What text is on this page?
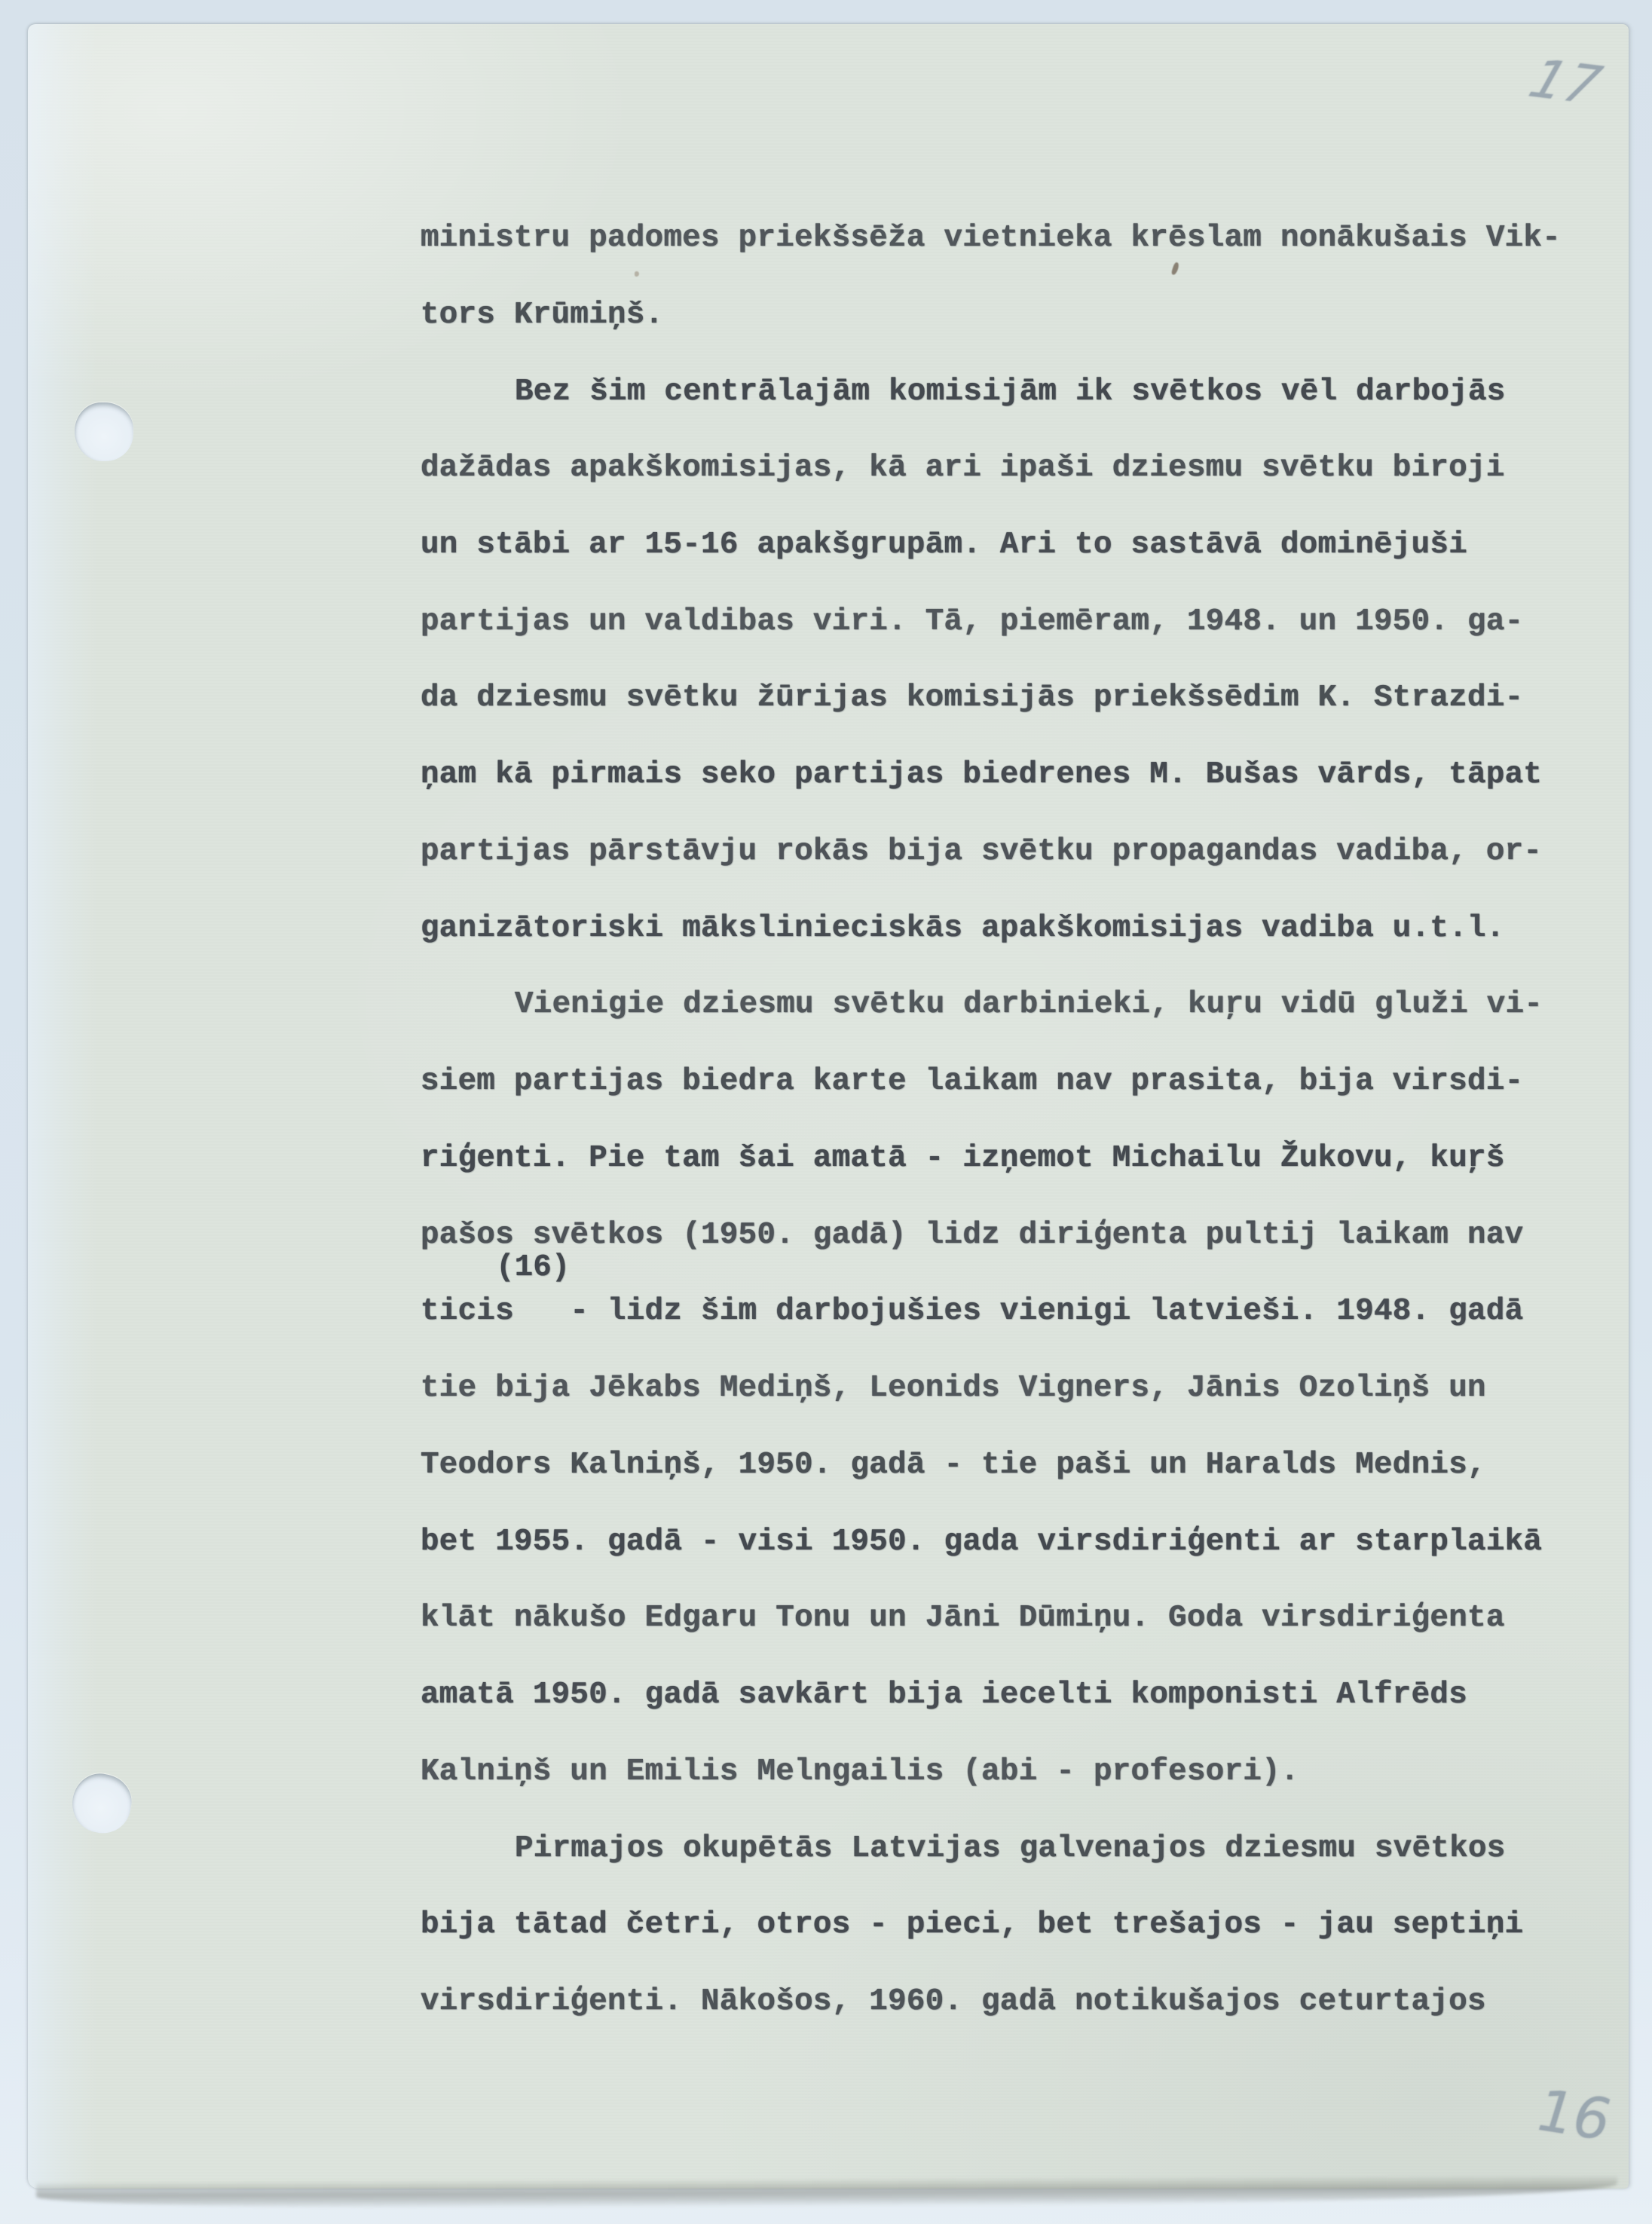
(16)
ministru padomes priekšsēža vietnieka krēslam nonākušais Vik-
tors Krūmiņš.
Bez šim centrālajām komisijām ik svētkos vēl darbojās
dažādas apakškomisijas, kā ari ipaši dziesmu svētku biroji
un stābi ar 15-16 apakšgrupām. Ari to sastāvā dominējuši
partijas un valdibas viri. Tā, piemēram, 1948. un 1950. ga-
da dziesmu svētku žūrijas komisijās priekšsēdim K. Strazdi-
ņam kā pirmais seko partijas biedrenes M. Bušas vārds, tāpat
partijas pārstāvju rokās bija svētku propagandas vadiba, or-
ganizātoriski mākslinieciskās apakškomisijas vadiba u.t.l.
Vienigie dziesmu svētku darbinieki, kuŗu vidū gluži vi-
siem partijas biedra karte laikam nav prasita, bija virsdi-
riģenti. Pie tam šai amatā - izņemot Michailu Žukovu, kuŗš
pašos svētkos (1950. gadā) lidz diriģenta pultij laikam nav
ticis   - lidz šim darbojušies vienigi latvieši. 1948. gadā
tie bija Jēkabs Mediņš, Leonids Vigners, Jānis Ozoliņš un
Teodors Kalniņš, 1950. gadā - tie paši un Haralds Mednis,
bet 1955. gadā - visi 1950. gada virsdiriģenti ar starplaikā
klāt nākušo Edgaru Tonu un Jāni Dūmiņu. Goda virsdiriģenta
amatā 1950. gadā savkārt bija iecelti komponisti Alfrēds
Kalniņš un Emilis Melngailis (abi - profesori).
Pirmajos okupētās Latvijas galvenajos dziesmu svētkos
bija tātad četri, otros - pieci, bet trešajos - jau septiņi
virsdiriģenti. Nākošos, 1960. gadā notikušajos ceturtajos
17
16
